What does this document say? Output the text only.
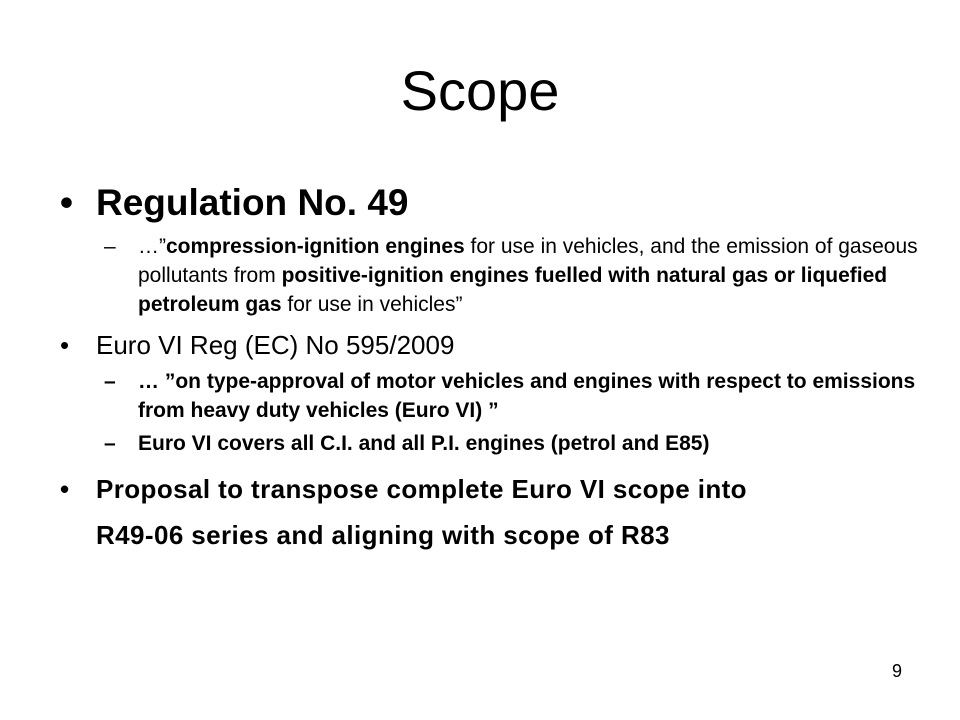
Scope
• Regulation No. 49
– …”compression-ignition engines for use in vehicles, and the emission of gaseous pollutants from positive-ignition engines fuelled with natural gas or liquefied petroleum gas for use in vehicles”
• Euro VI Reg (EC) No 595/2009
– … ”on type-approval of motor vehicles and engines with respect to emissions from heavy duty vehicles (Euro VI) ”
– Euro VI covers all C.I. and all P.I. engines (petrol and E85)
• Proposal to transpose complete Euro VI scope into
R49-06 series and aligning with scope of R83
9
